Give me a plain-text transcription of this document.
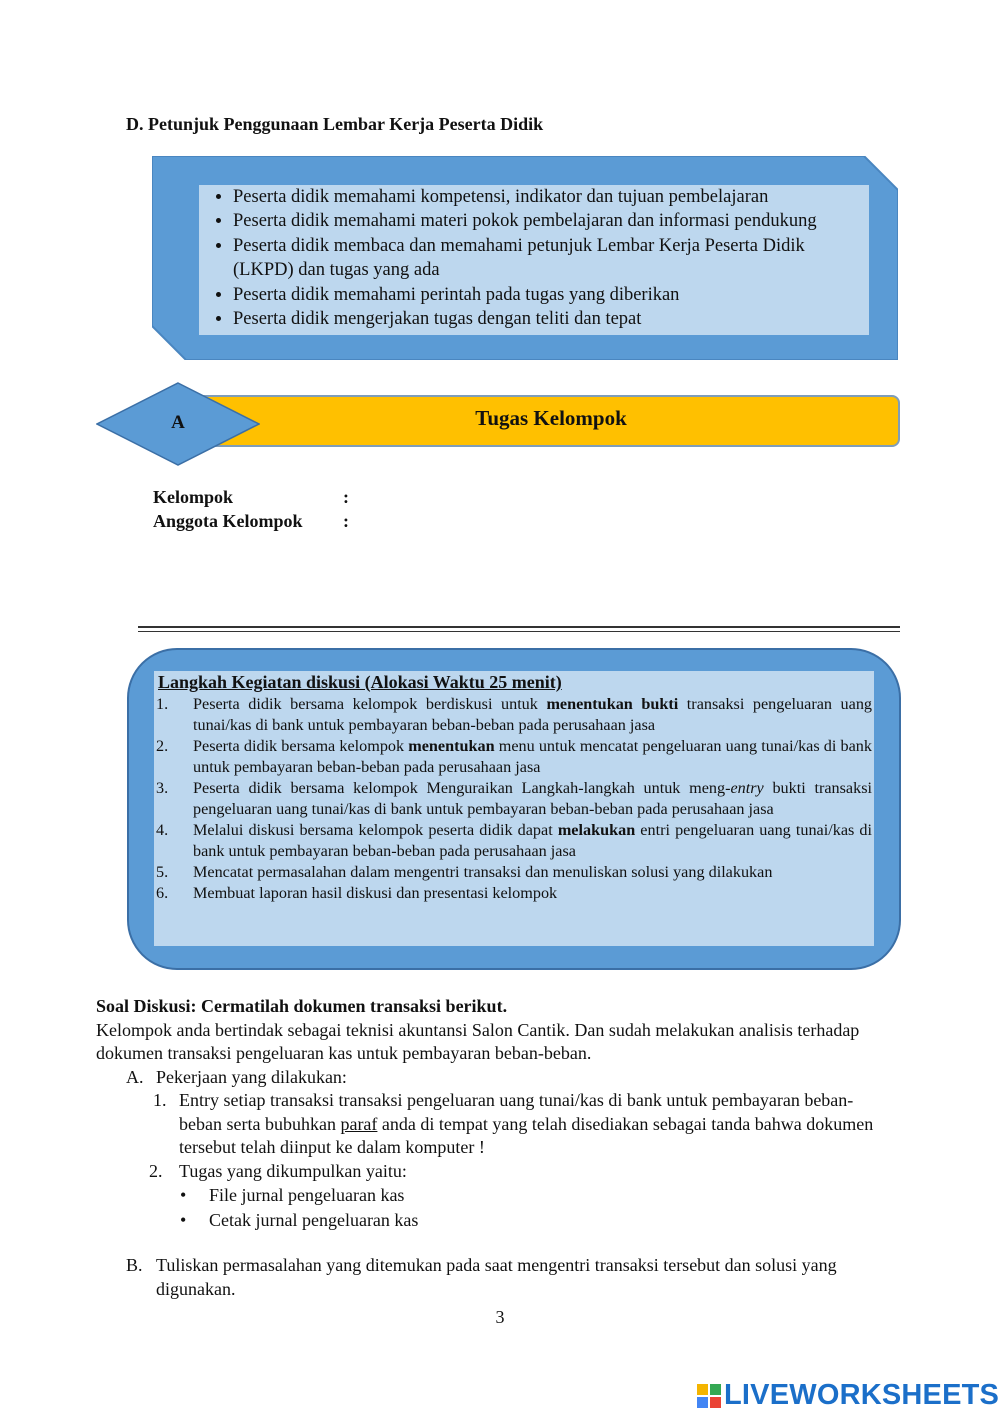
D. Petunjuk Penggunaan Lembar Kerja Peserta Didik
• Peserta didik memahami kompetensi, indikator dan tujuan pembelajaran
• Peserta didik memahami materi pokok pembelajaran dan informasi pendukung
• Peserta didik membaca dan memahami petunjuk Lembar Kerja Peserta Didik (LKPD) dan tugas yang ada
• Peserta didik memahami perintah pada tugas yang diberikan
• Peserta didik mengerjakan tugas dengan teliti dan tepat
Tugas Kelompok
A
Kelompok	:
Anggota Kelompok	:
Langkah Kegiatan diskusi (Alokasi Waktu 25 menit)
1.	Peserta didik bersama kelompok berdiskusi untuk menentukan bukti transaksi pengeluaran uang tunai/kas di bank untuk pembayaran beban-beban pada perusahaan jasa
2.	Peserta didik bersama kelompok menentukan menu untuk mencatat pengeluaran uang tunai/kas di bank untuk pembayaran beban-beban pada perusahaan jasa
3.	Peserta didik bersama kelompok Menguraikan Langkah-langkah untuk meng-entry bukti transaksi pengeluaran uang tunai/kas di bank untuk pembayaran beban-beban pada perusahaan jasa
4.	Melalui diskusi bersama kelompok peserta didik dapat melakukan entri pengeluaran uang tunai/kas di bank untuk pembayaran beban-beban pada perusahaan jasa
5.	Mencatat permasalahan dalam mengentri transaksi dan menuliskan solusi yang dilakukan
6.	Membuat laporan hasil diskusi dan presentasi kelompok
Soal Diskusi: Cermatilah dokumen transaksi berikut.
Kelompok anda bertindak sebagai teknisi akuntansi Salon Cantik. Dan sudah melakukan analisis terhadap dokumen transaksi pengeluaran kas untuk pembayaran beban-beban.
A. Pekerjaan yang dilakukan:
1. Entry setiap transaksi transaksi pengeluaran uang tunai/kas di bank untuk pembayaran beban-beban serta bubuhkan paraf anda di tempat yang telah disediakan sebagai tanda bahwa dokumen tersebut telah diinput ke dalam komputer !
2. Tugas yang dikumpulkan yaitu:
•	File jurnal pengeluaran kas
•	Cetak jurnal pengeluaran kas
B. Tuliskan permasalahan yang ditemukan pada saat mengentri transaksi tersebut dan solusi yang digunakan.
3
LIVEWORKSHEETS
